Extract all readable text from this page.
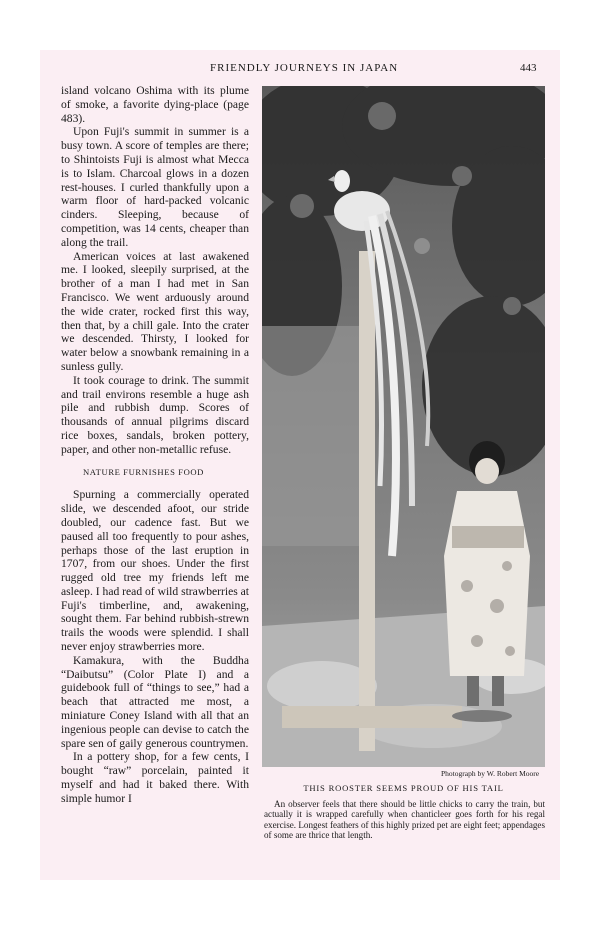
FRIENDLY JOURNEYS IN JAPAN	443

island volcano Oshima with its plume of smoke, a favorite dying-place (page 483).

Upon Fuji's summit in summer is a busy town. A score of temples are there; to Shintoists Fuji is almost what Mecca is to Islam. Charcoal glows in a dozen rest-houses. I curled thankfully upon a warm floor of hard-packed volcanic cinders. Sleeping, because of competition, was 14 cents, cheaper than along the trail.

American voices at last awakened me. I looked, sleepily surprised, at the brother of a man I had met in San Francisco. We went arduously around the wide crater, rocked first this way, then that, by a chill gale. Into the crater we descended. Thirsty, I looked for water below a snowbank remaining in a sunless gully.

It took courage to drink. The summit and trail environs resemble a huge ash pile and rubbish dump. Scores of thousands of annual pilgrims discard rice boxes, sandals, broken pottery, paper, and other non-metallic refuse.

NATURE FURNISHES FOOD

Spurning a commercially operated slide, we descended afoot, our stride doubled, our cadence fast. But we paused all too frequently to pour ashes, perhaps those of the last eruption in 1707, from our shoes. Under the first rugged old tree my friends left me asleep. I had read of wild strawberries at Fuji's timberline, and, awakening, sought them. Far behind rubbish-strewn trails the woods were splendid. I shall never enjoy strawberries more.

Kamakura, with the Buddha “Daibutsu” (Color Plate I) and a guidebook full of “things to see,” had a beach that attracted me most, a miniature Coney Island with all that an ingenious people can devise to catch the spare sen of gaily generous countrymen.

In a pottery shop, for a few cents, I bought “raw” porcelain, painted it myself and had it baked there. With simple humor I

Photograph by W. Robert Moore
THIS ROOSTER SEEMS PROUD OF HIS TAIL
An observer feels that there should be little chicks to carry the train, but actually it is wrapped carefully when chanticleer goes forth for his regal exercise. Longest feathers of this highly prized pet are eight feet; appendages of some are thrice that length.
